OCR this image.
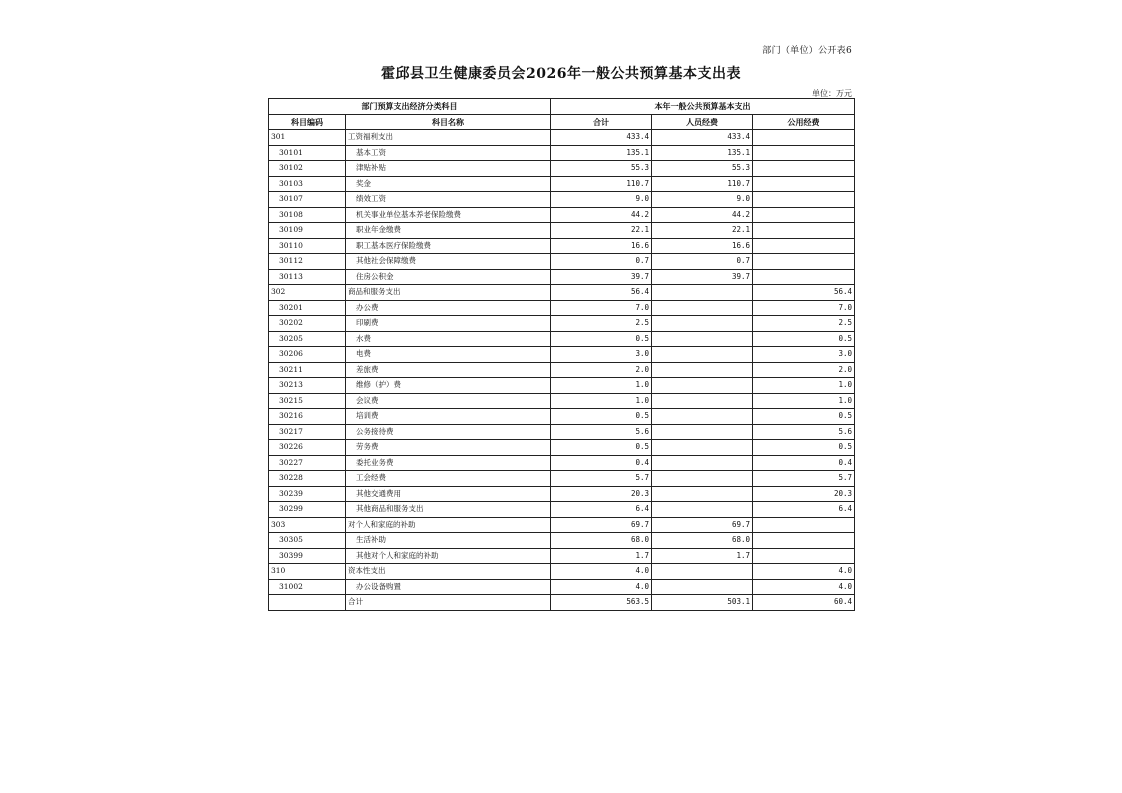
部门（单位）公开表6
霍邱县卫生健康委员会2026年一般公共预算基本支出表
单位：万元
部门预算支出经济分类科目		本年一般公共预算基本支出		
科目编码	科目名称	合计	人员经费	公用经费
301	工资福利支出	433.4	433.4	
30101	基本工资	135.1	135.1	
30102	津贴补贴	55.3	55.3	
30103	奖金	110.7	110.7	
30107	绩效工资	9.0	9.0	
30108	机关事业单位基本养老保险缴费	44.2	44.2	
30109	职业年金缴费	22.1	22.1	
30110	职工基本医疗保险缴费	16.6	16.6	
30112	其他社会保障缴费	0.7	0.7	
30113	住房公积金	39.7	39.7	
302	商品和服务支出	56.4		56.4
30201	办公费	7.0		7.0
30202	印刷费	2.5		2.5
30205	水费	0.5		0.5
30206	电费	3.0		3.0
30211	差旅费	2.0		2.0
30213	维修（护）费	1.0		1.0
30215	会议费	1.0		1.0
30216	培训费	0.5		0.5
30217	公务接待费	5.6		5.6
30226	劳务费	0.5		0.5
30227	委托业务费	0.4		0.4
30228	工会经费	5.7		5.7
30239	其他交通费用	20.3		20.3
30299	其他商品和服务支出	6.4		6.4
303	对个人和家庭的补助	69.7	69.7	
30305	生活补助	68.0	68.0	
30399	其他对个人和家庭的补助	1.7	1.7	
310	资本性支出	4.0		4.0
31002	办公设备购置	4.0		4.0
	合计	563.5	503.1	60.4
